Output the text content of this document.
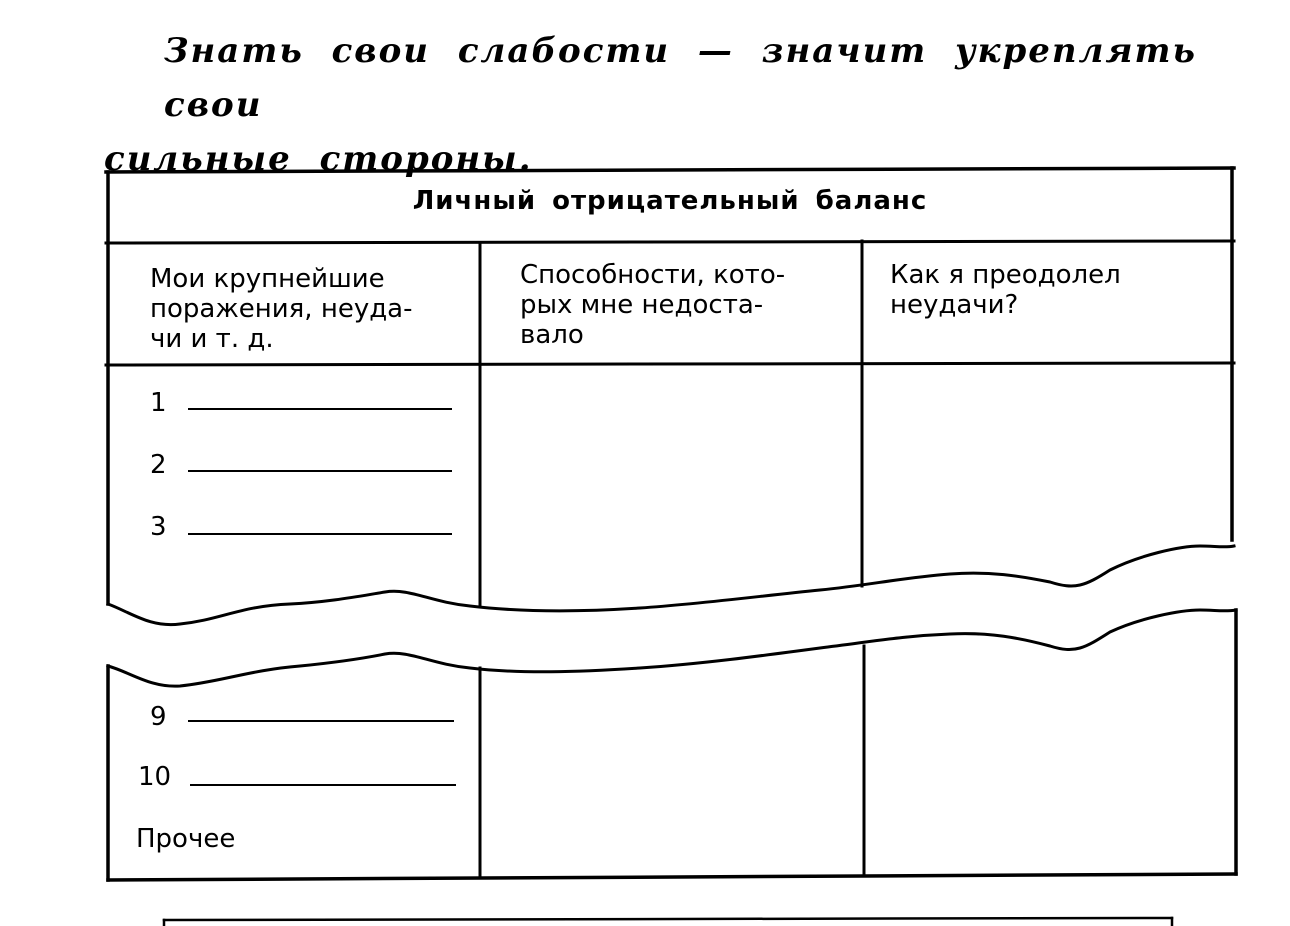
Знать свои слабости — значит укреплять свои
сильные стороны.

Личный отрицательный баланс

Мои крупнейшие
поражения, неуда-
чи и т. д.

Способности, кото-
рых мне недоста-
вало

Как я преодолел
неудачи?

1
2
3
9
10
Прочее
